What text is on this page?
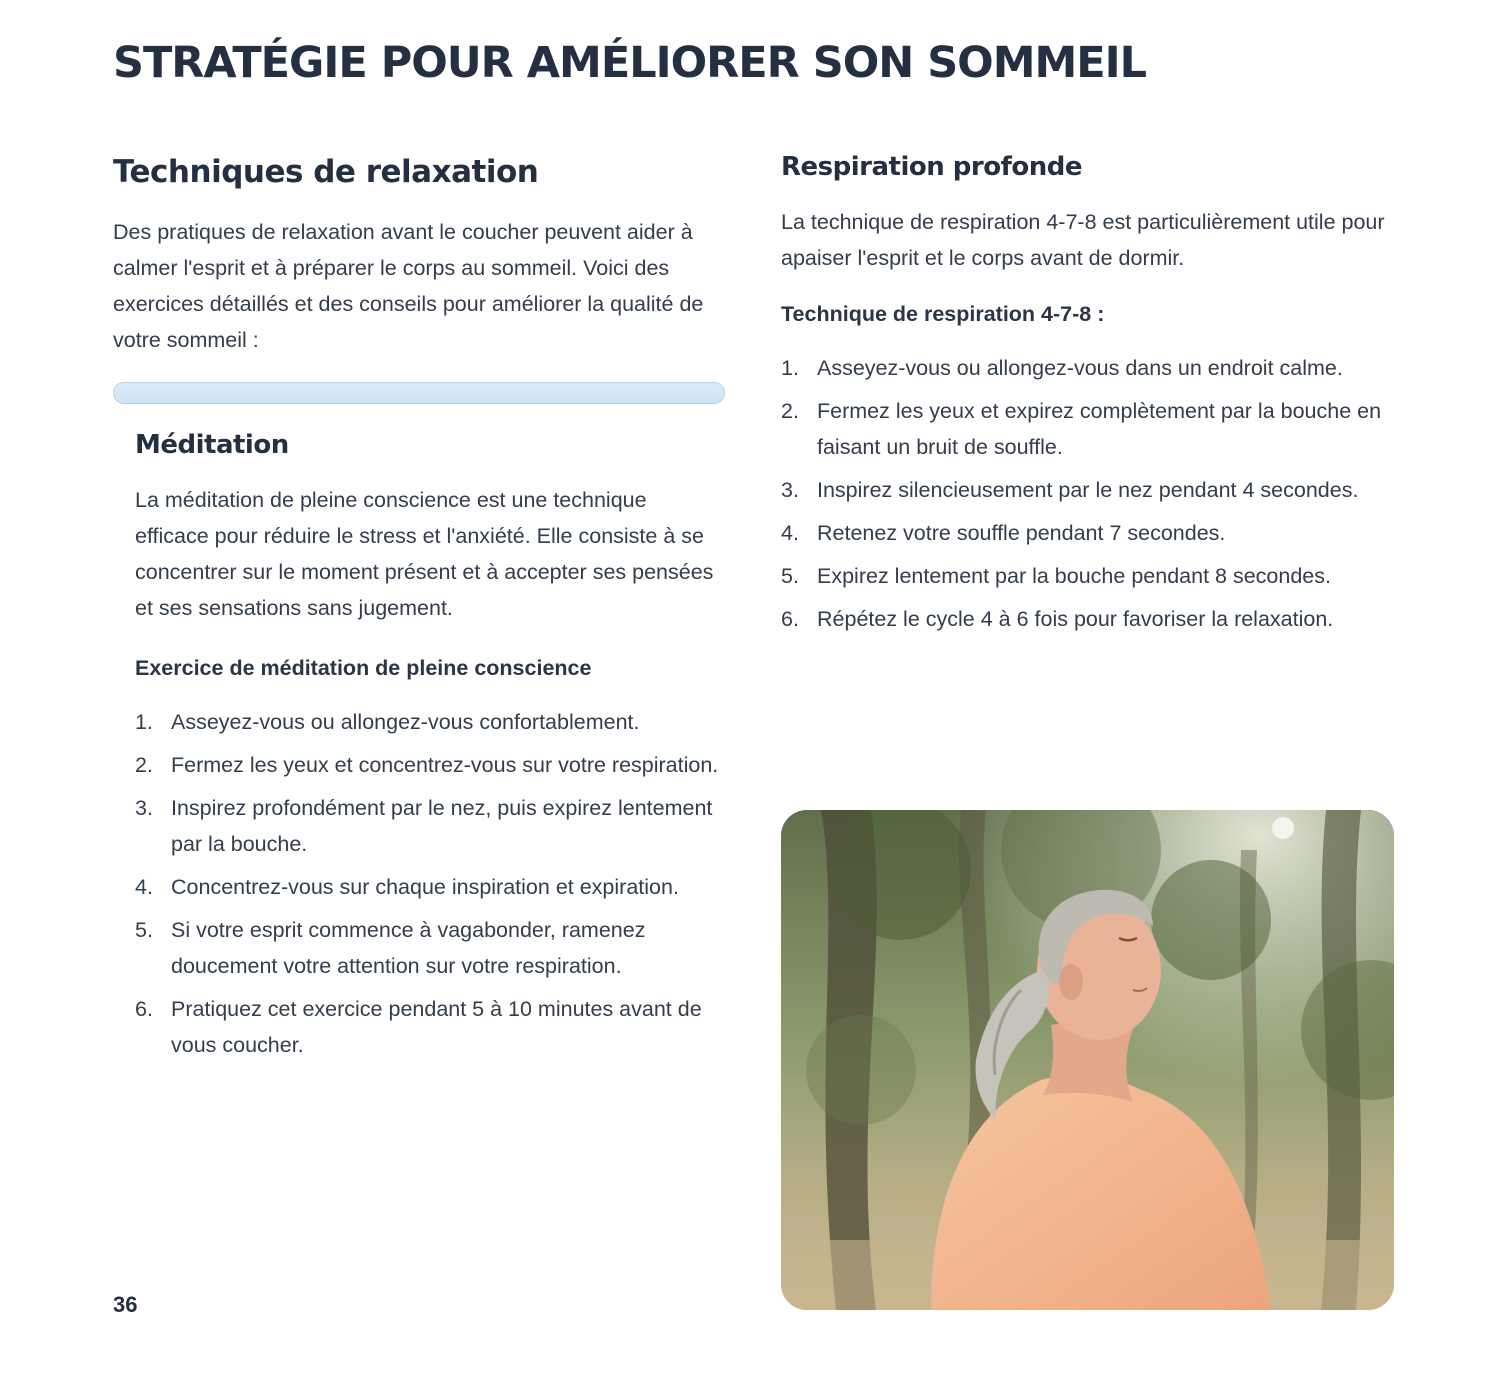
STRATÉGIE POUR AMÉLIORER SON SOMMEIL
Techniques de relaxation

Des pratiques de relaxation avant le coucher peuvent aider à calmer l'esprit et à préparer le corps au sommeil. Voici des exercices détaillés et des conseils pour améliorer la qualité de votre sommeil :

Méditation

La méditation de pleine conscience est une technique efficace pour réduire le stress et l'anxiété. Elle consiste à se concentrer sur le moment présent et à accepter ses pensées et ses sensations sans jugement.

Exercice de méditation de pleine conscience

1. Asseyez-vous ou allongez-vous confortablement.
2. Fermez les yeux et concentrez-vous sur votre respiration.
3. Inspirez profondément par le nez, puis expirez lentement par la bouche.
4. Concentrez-vous sur chaque inspiration et expiration.
5. Si votre esprit commence à vagabonder, ramenez doucement votre attention sur votre respiration.
6. Pratiquez cet exercice pendant 5 à 10 minutes avant de vous coucher.
Respiration profonde

La technique de respiration 4-7-8 est particulièrement utile pour apaiser l'esprit et le corps avant de dormir.

Technique de respiration 4-7-8 :

1. Asseyez-vous ou allongez-vous dans un endroit calme.
2. Fermez les yeux et expirez complètement par la bouche en faisant un bruit de souffle.
3. Inspirez silencieusement par le nez pendant 4 secondes.
4. Retenez votre souffle pendant 7 secondes.
5. Expirez lentement par la bouche pendant 8 secondes.
6. Répétez le cycle 4 à 6 fois pour favoriser la relaxation.
36
